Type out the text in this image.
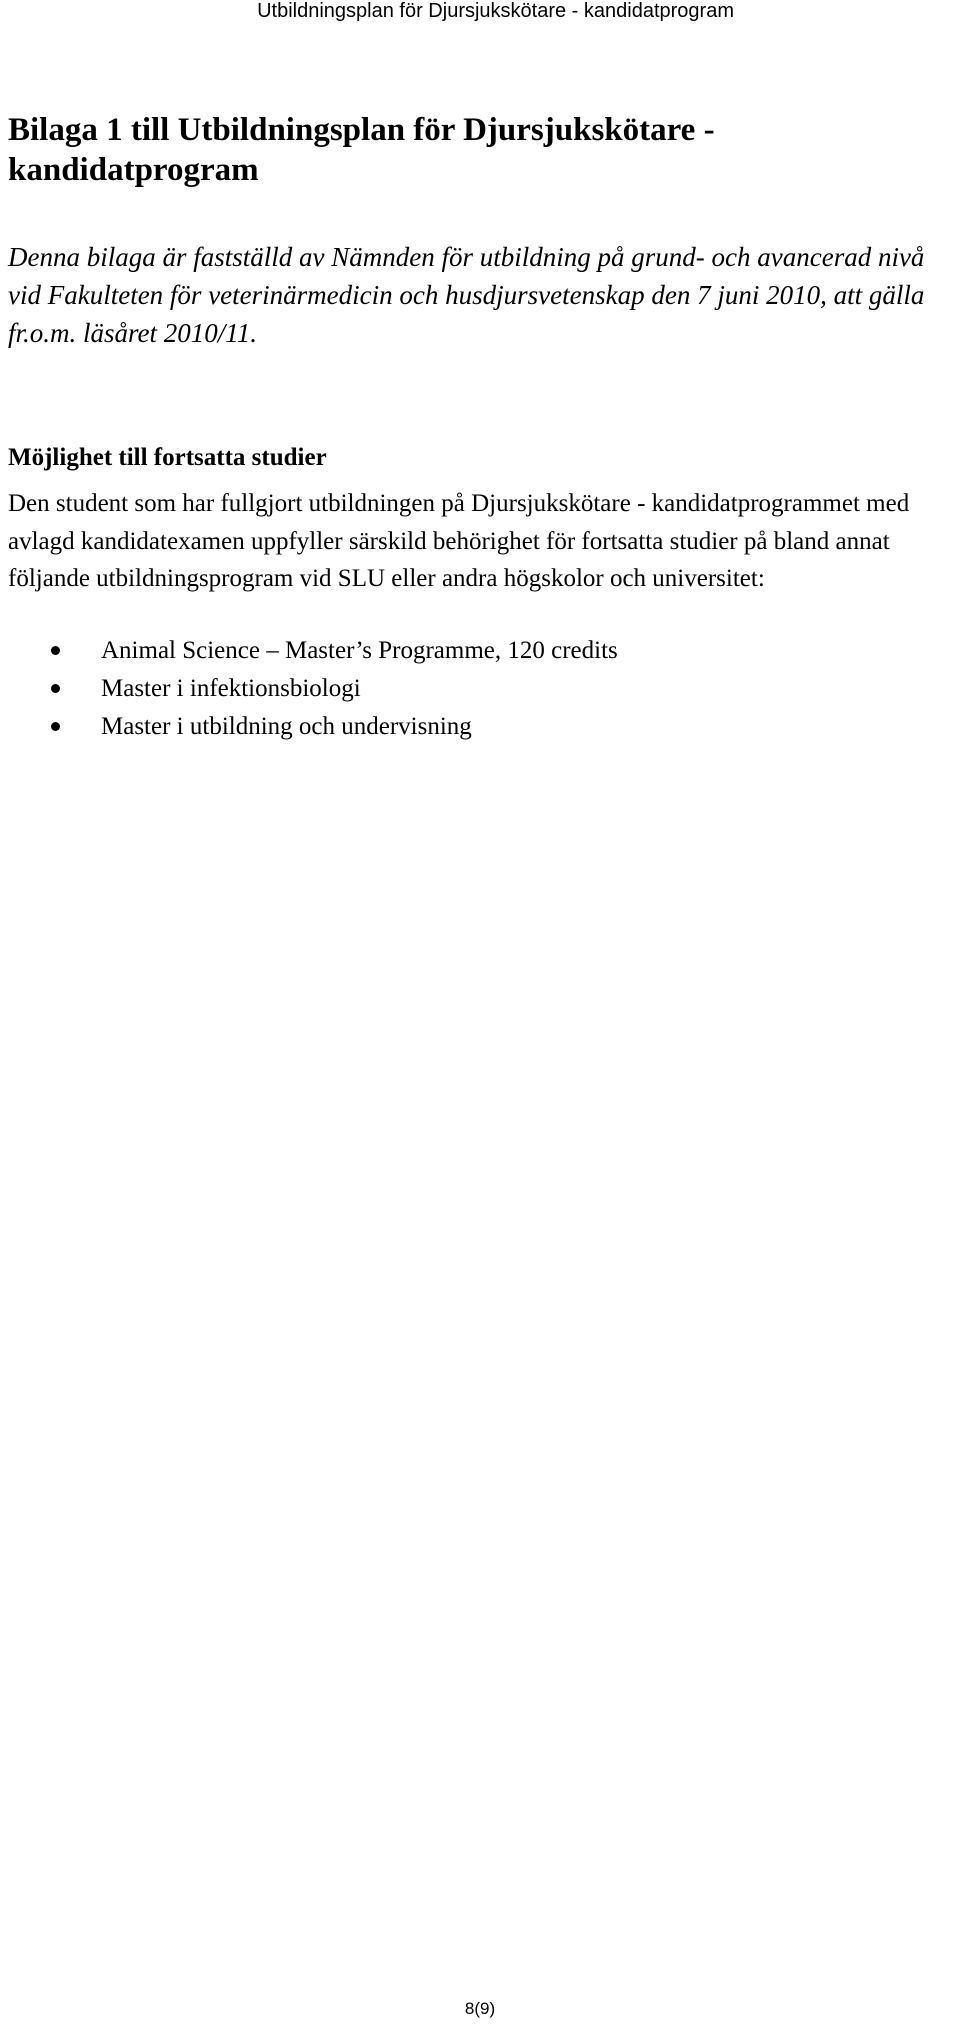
Utbildningsplan för Djursjukskötare - kandidatprogram
Bilaga 1 till Utbildningsplan för Djursjukskötare - kandidatprogram

Denna bilaga är fastställd av Nämnden för utbildning på grund- och avancerad nivå vid Fakulteten för veterinärmedicin och husdjursvetenskap den 7 juni 2010, att gälla fr.o.m. läsåret 2010/11.

Möjlighet till fortsatta studier

Den student som har fullgjort utbildningen på Djursjukskötare - kandidatprogrammet med avlagd kandidatexamen uppfyller särskild behörighet för fortsatta studier på bland annat följande utbildningsprogram vid SLU eller andra högskolor och universitet:

Animal Science – Master’s Programme, 120 credits
Master i infektionsbiologi
Master i utbildning och undervisning
8(9)
